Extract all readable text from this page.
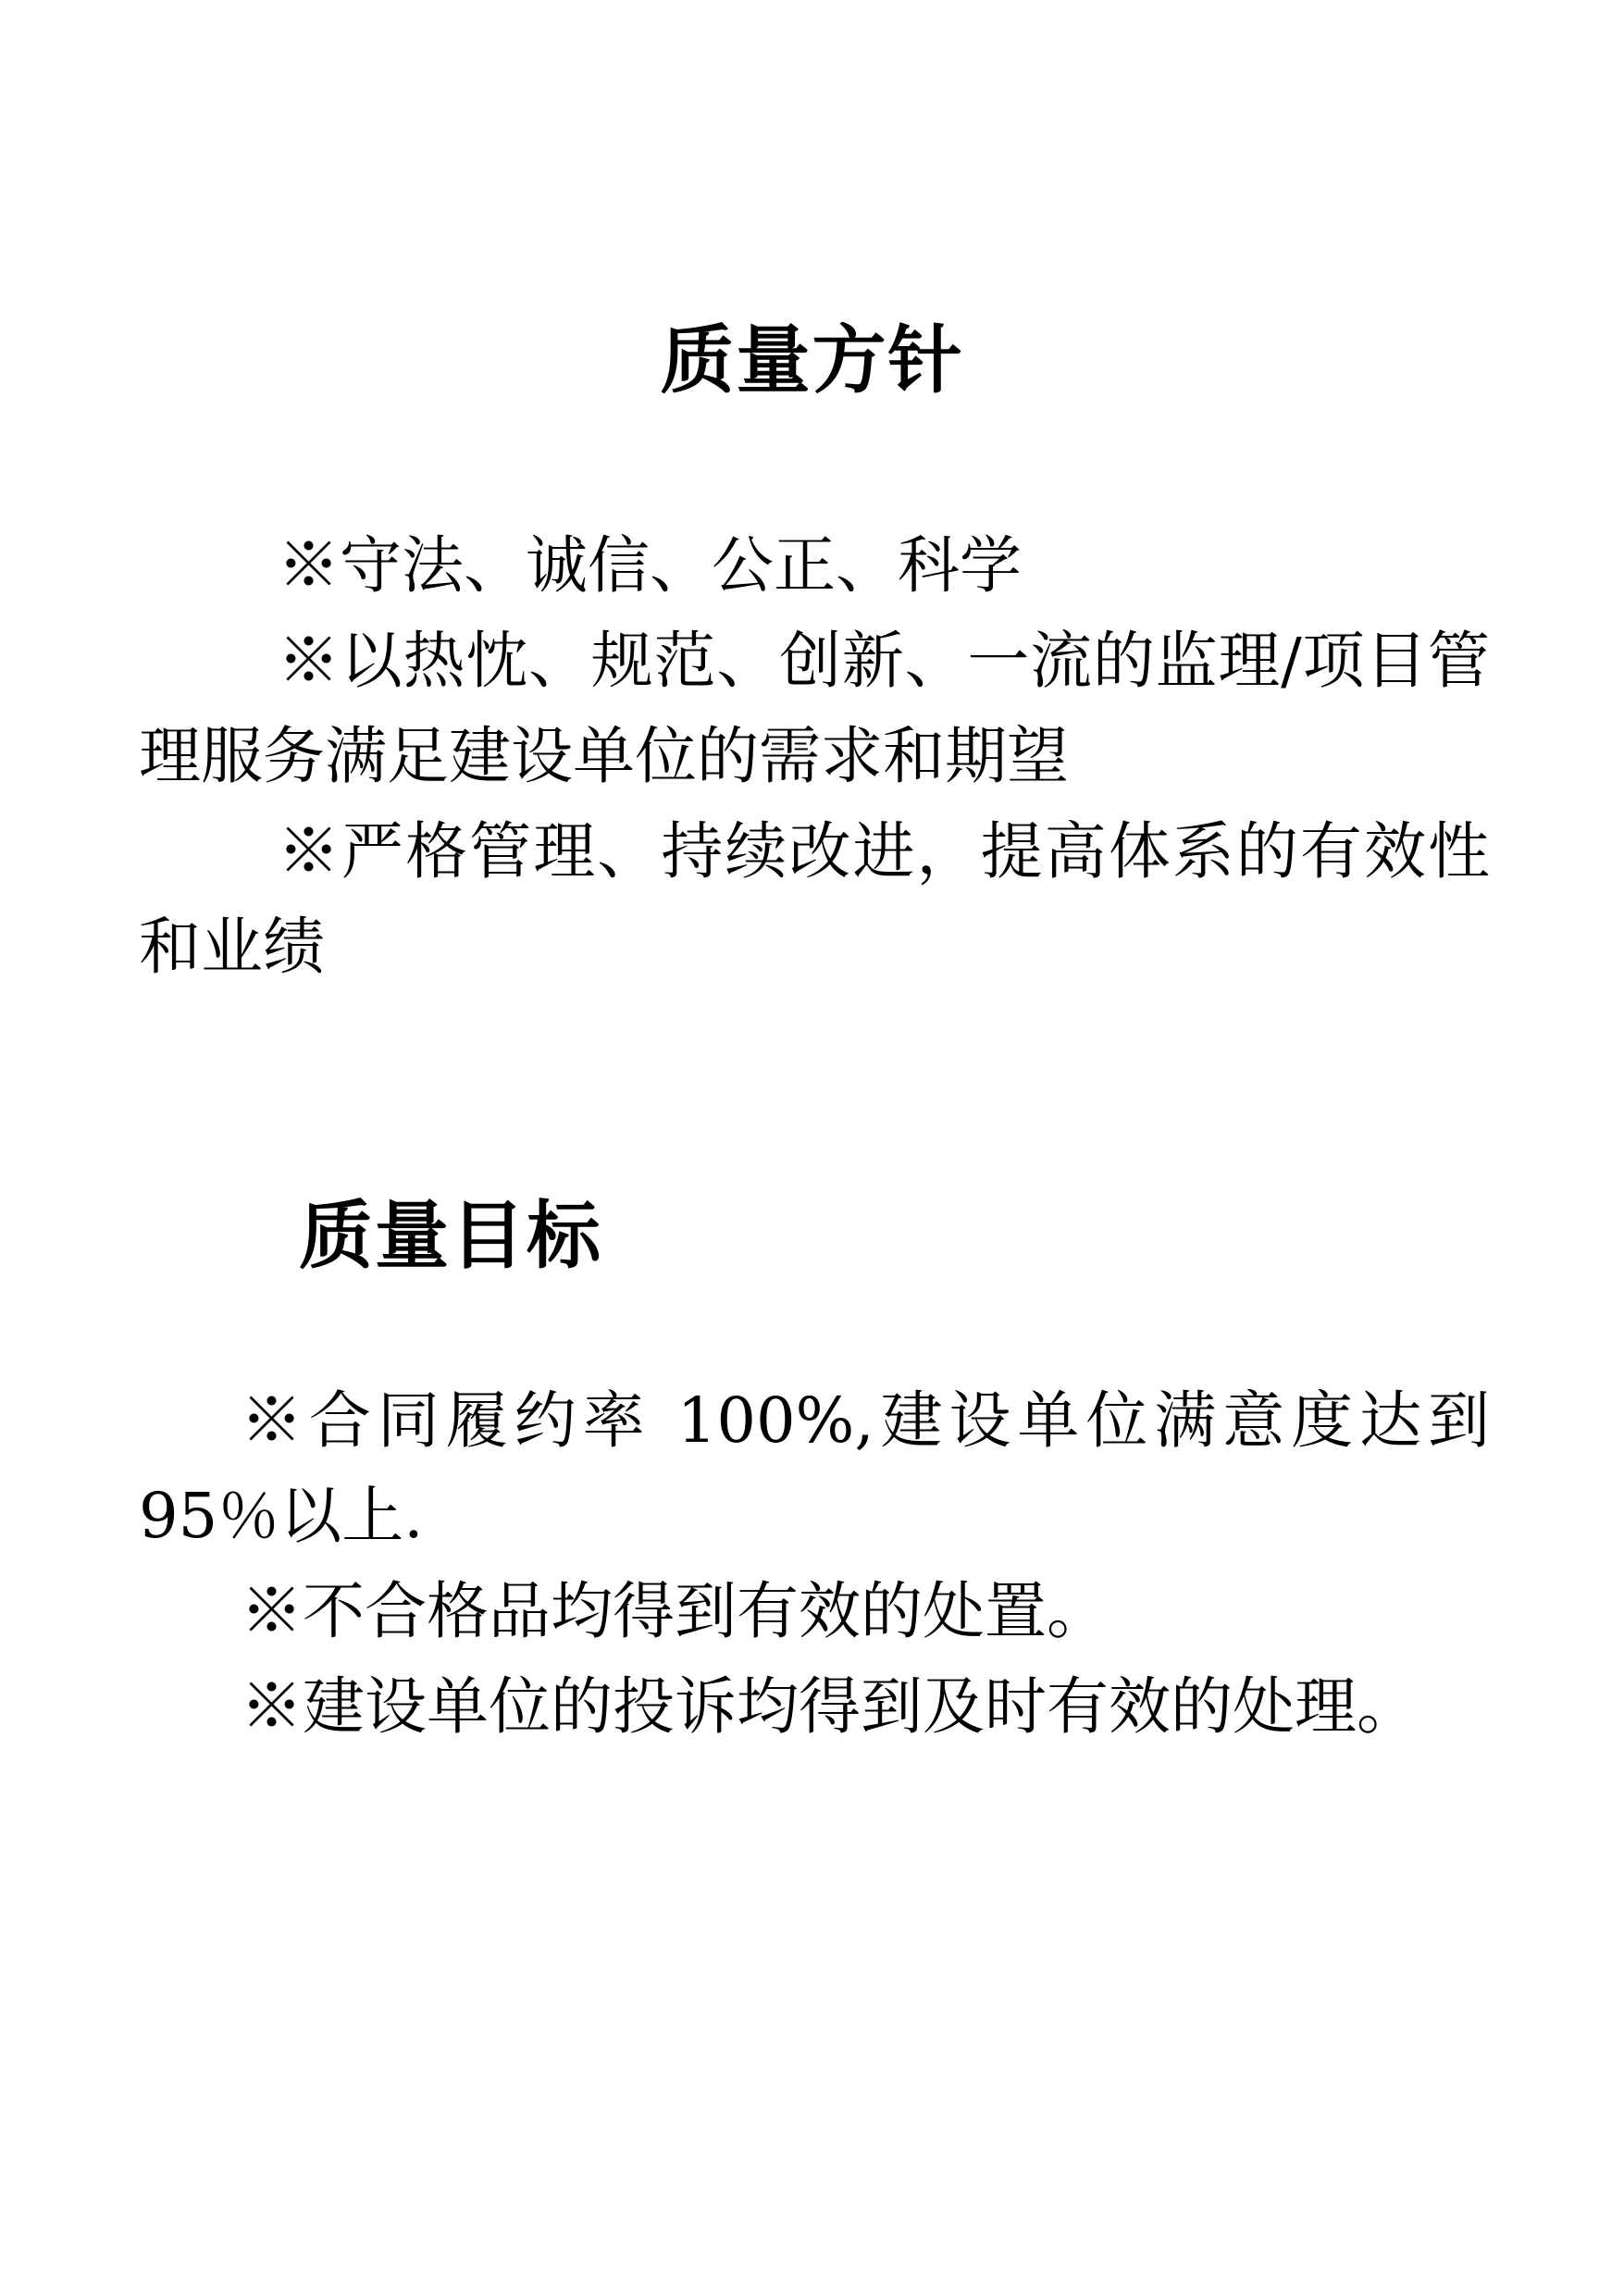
质量方针

※守法、诚信、公正、科学

※以热忱、规范、创新、一流的监理/项目管理服务满足建设单位的需求和期望

※严格管理、持续改进，提高体系的有效性和业绩

质量目标

※合同履约率 100%,建设单位满意度达到95％以上.

※不合格品均得到有效的处置。

※建设单位的投诉均得到及时有效的处理。
